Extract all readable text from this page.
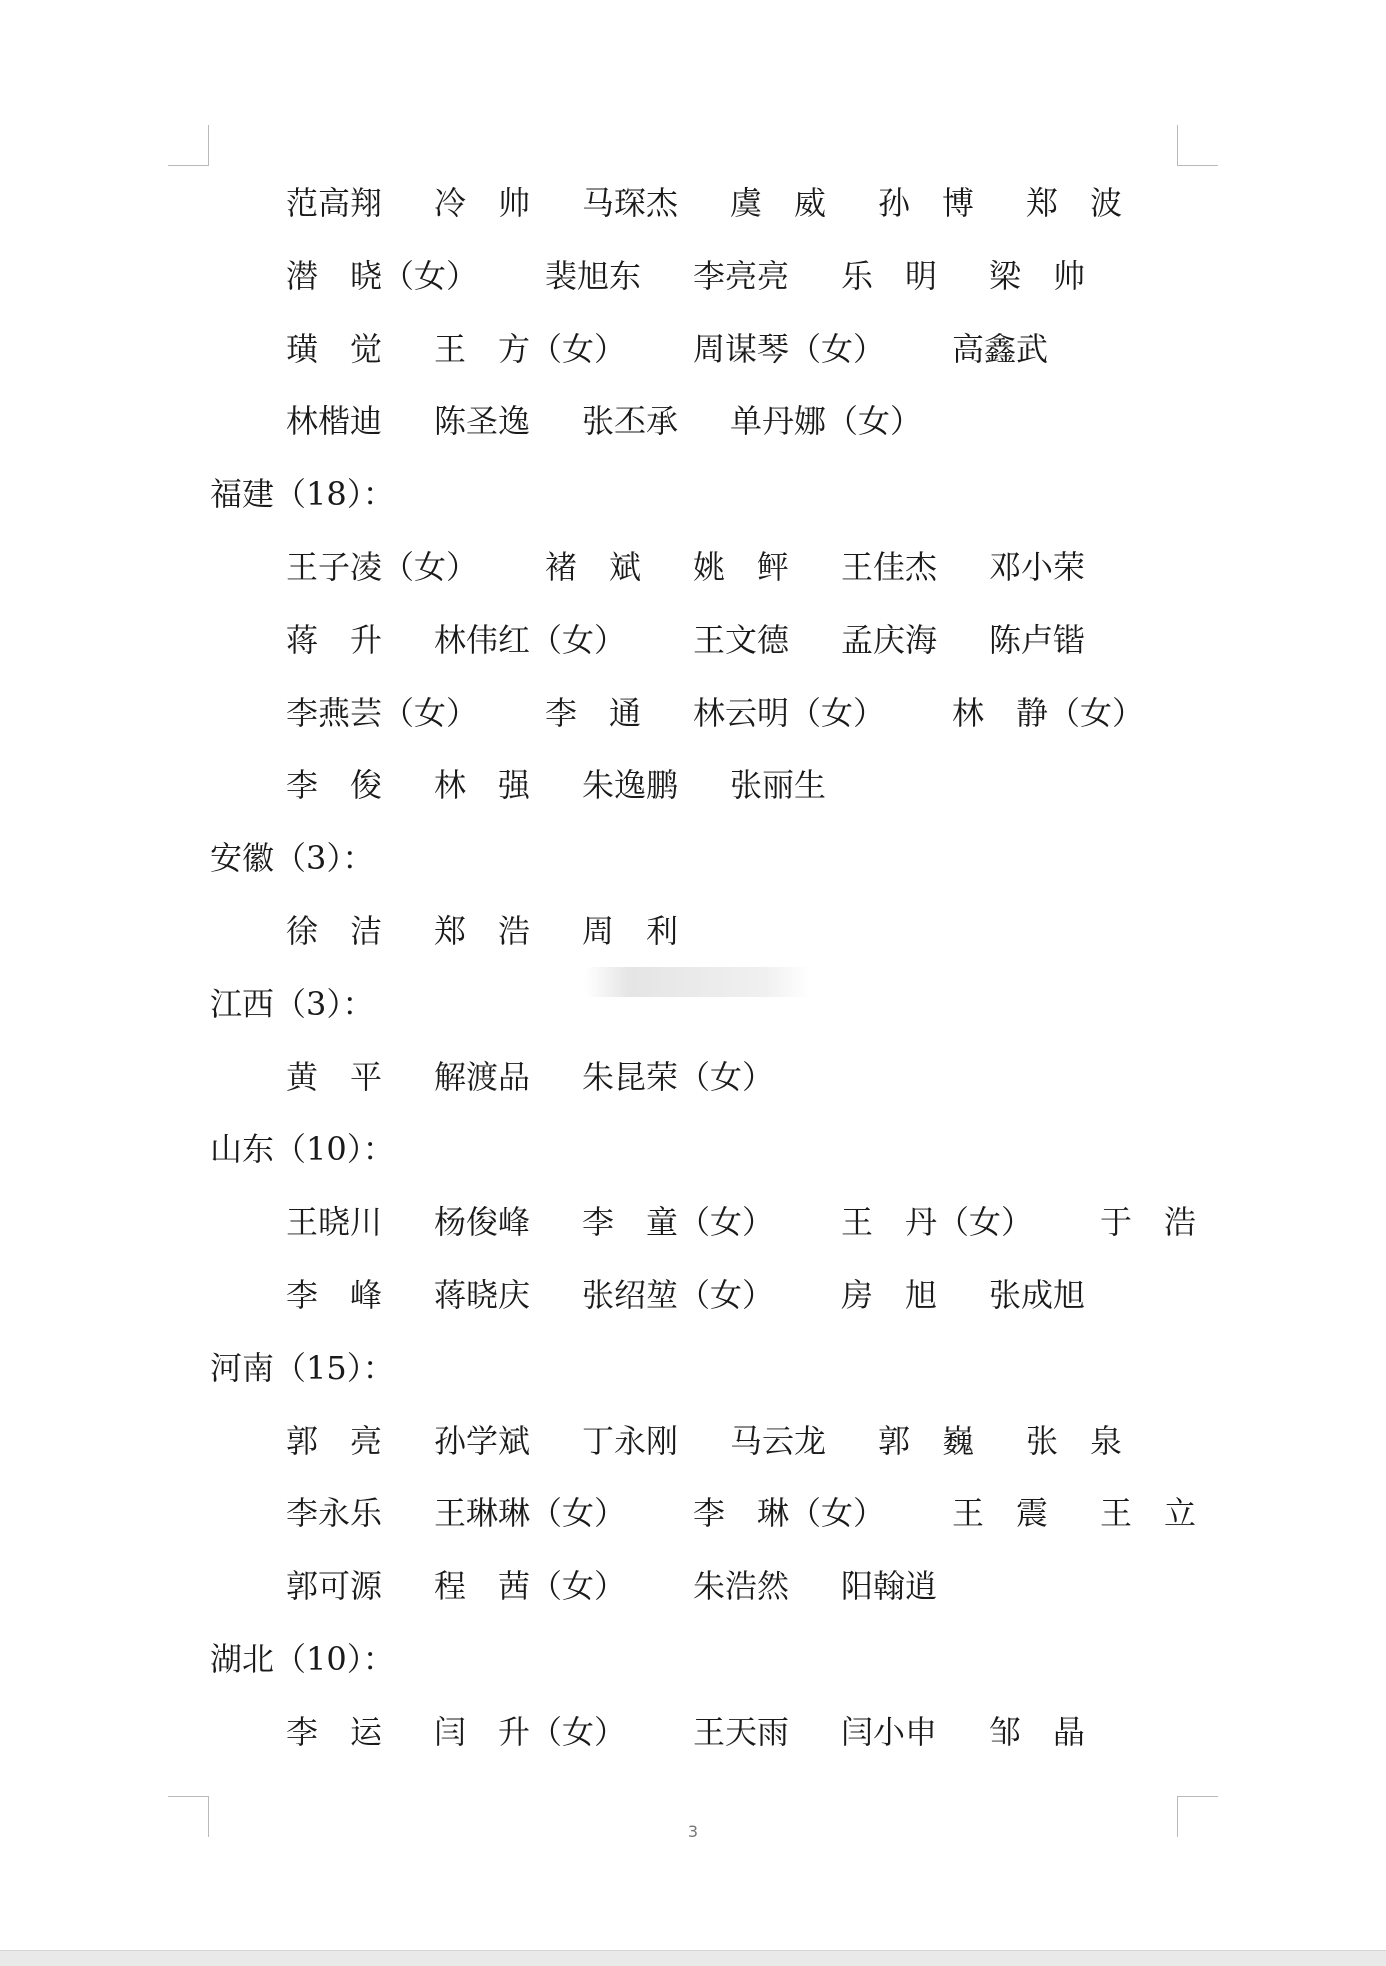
范高翔 冷　帅 马琛杰 虞　威 孙　博 郑　波
潜　晓（女） 裴旭东 李亮亮 乐　明 梁　帅
璜　觉 王　方（女） 周谋琴（女） 高鑫武
林楷迪 陈圣逸 张丕承 单丹娜（女）
福建（18）：
王子凌（女） 褚　斌 姚　鲆 王佳杰 邓小荣
蒋　升 林伟红（女） 王文德 孟庆海 陈卢锴
李燕芸（女） 李　通 林云明（女） 林　静（女）
李　俊 林　强 朱逸鹏 张丽生
安徽（3）：
徐　洁 郑　浩 周　利
江西（3）：
黄　平 解渡品 朱昆荣（女）
山东（10）：
王晓川 杨俊峰 李　童（女） 王　丹（女） 于　浩
李　峰 蒋晓庆 张绍堃（女） 房　旭 张成旭
河南（15）：
郭　亮 孙学斌 丁永刚 马云龙 郭　巍 张　泉
李永乐 王琳琳（女） 李　琳（女） 王　震 王　立
郭可源 程　茜（女） 朱浩然 阳翰逍
湖北（10）：
李　运 闫　升（女） 王天雨 闫小申 邹　晶
3
